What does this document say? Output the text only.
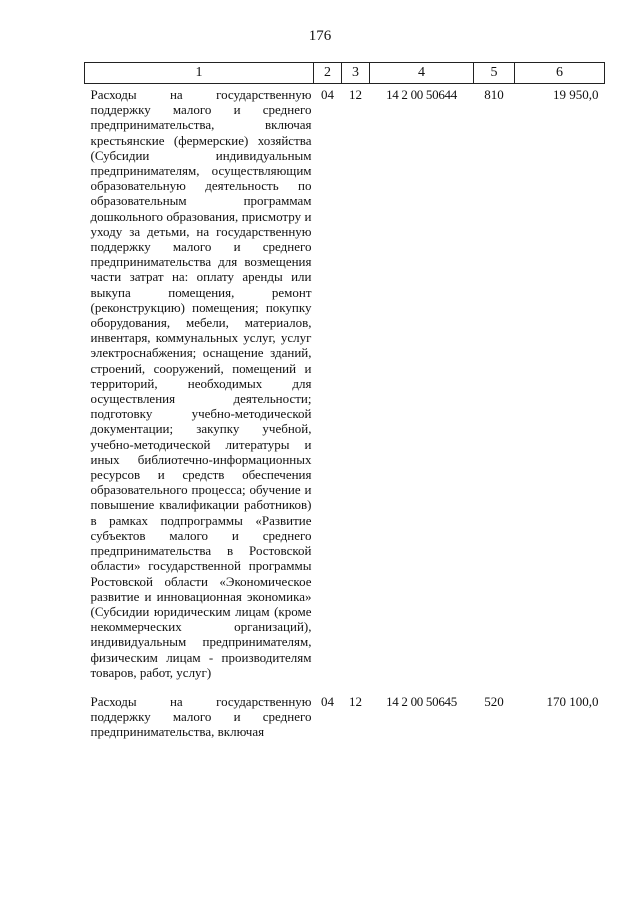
176
1	2	3	4	5	6
Расходы на государственную поддержку малого и среднего предпринимательства, включая крестьянские (фермерские) хозяйства (Субсидии индивидуальным предпринимателям, осуществляющим образовательную деятельность по образовательным программам дошкольного образования, присмотру и уходу за детьми, на государственную поддержку малого и среднего предпринимательства для возмещения части затрат на: оплату аренды или выкупа помещения, ремонт (реконструкцию) помещения; покупку оборудования, мебели, материалов, инвентаря, коммунальных услуг, услуг электроснабжения; оснащение зданий, строений, сооружений, помещений и территорий, необходимых для осуществления деятельности; подготовку учебно-методической документации; закупку учебной, учебно-методической литературы и иных библиотечно-информационных ресурсов и средств обеспечения образовательного процесса; обучение и повышение квалификации работников) в рамках подпрограммы «Развитие субъектов малого и среднего предпринимательства в Ростовской области» государственной программы Ростовской области «Экономическое развитие и инновационная экономика» (Субсидии юридическим лицам (кроме некоммерческих организаций), индивидуальным предпринимателям, физическим лицам - производителям товаров, работ, услуг)	04	12	14 2 00 50644	810	19 950,0
Расходы на государственную поддержку малого и среднего предпринимательства, включая	04	12	14 2 00 50645	520	170 100,0
